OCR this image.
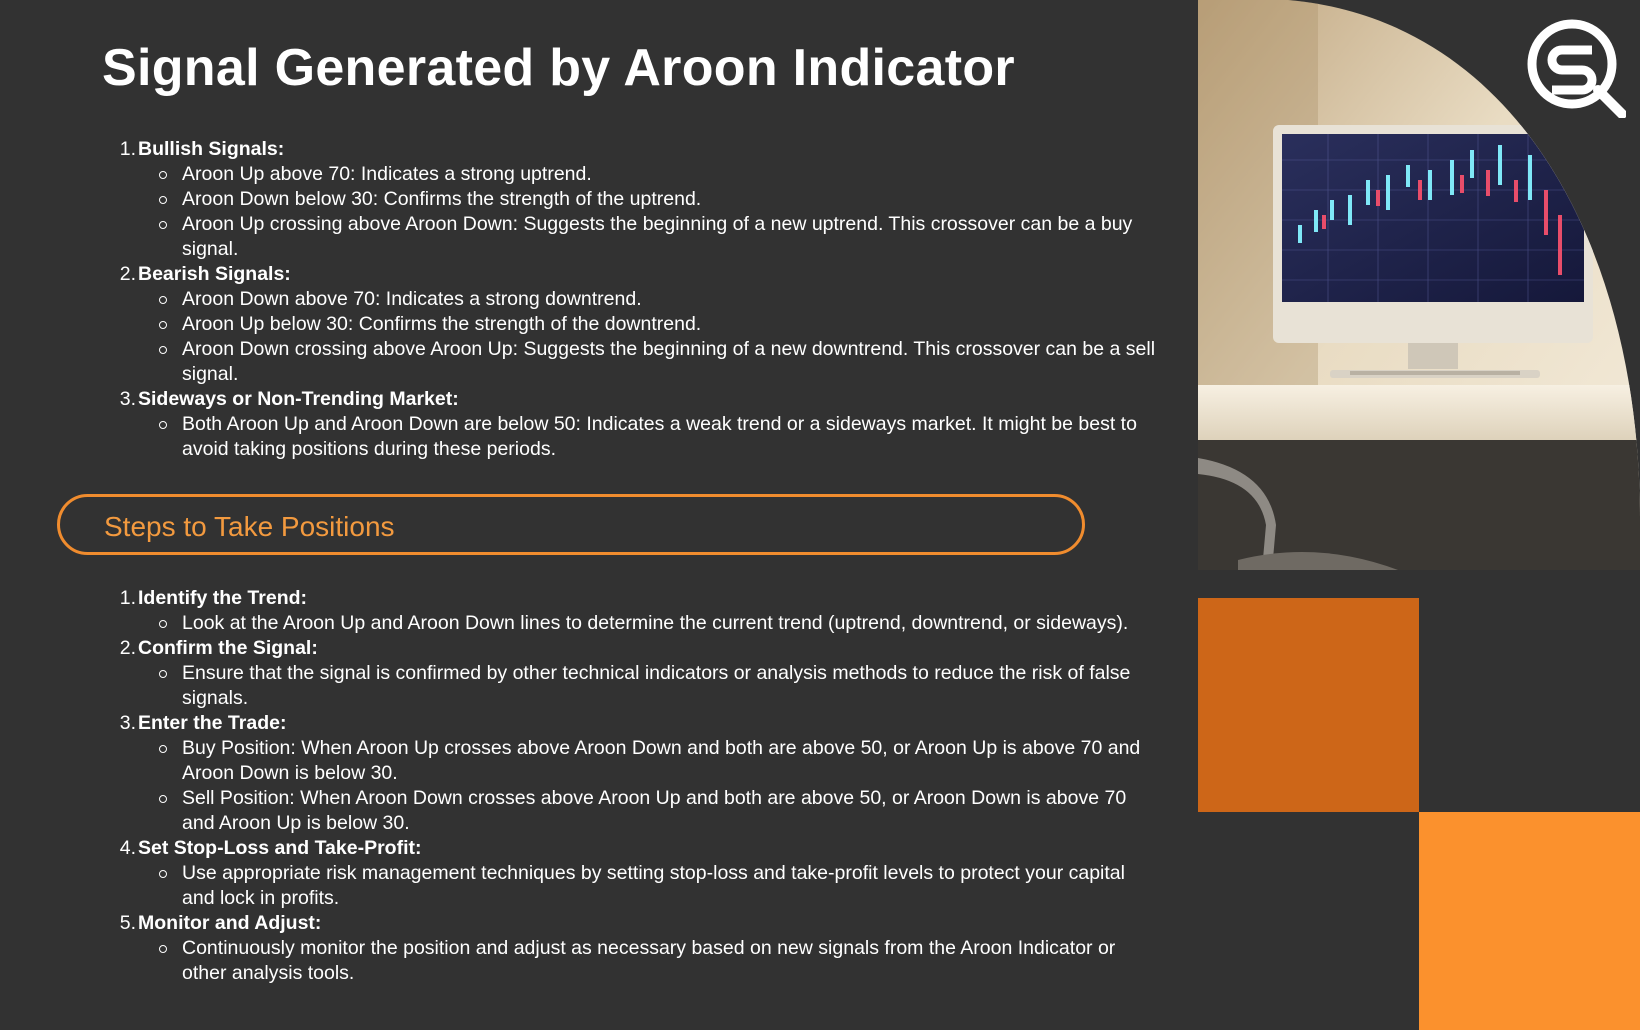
Signal Generated by Aroon Indicator
1. Bullish Signals:
Aroon Up above 70: Indicates a strong uptrend.
Aroon Down below 30: Confirms the strength of the uptrend.
Aroon Up crossing above Aroon Down: Suggests the beginning of a new uptrend. This crossover can be a buy signal.
2. Bearish Signals:
Aroon Down above 70: Indicates a strong downtrend.
Aroon Up below 30: Confirms the strength of the downtrend.
Aroon Down crossing above Aroon Up: Suggests the beginning of a new downtrend. This crossover can be a sell signal.
3. Sideways or Non-Trending Market:
Both Aroon Up and Aroon Down are below 50: Indicates a weak trend or a sideways market. It might be best to avoid taking positions during these periods.
Steps to Take Positions
1. Identify the Trend:
Look at the Aroon Up and Aroon Down lines to determine the current trend (uptrend, downtrend, or sideways).
2. Confirm the Signal:
Ensure that the signal is confirmed by other technical indicators or analysis methods to reduce the risk of false signals.
3. Enter the Trade:
Buy Position: When Aroon Up crosses above Aroon Down and both are above 50, or Aroon Up is above 70 and Aroon Down is below 30.
Sell Position: When Aroon Down crosses above Aroon Up and both are above 50, or Aroon Down is above 70 and Aroon Up is below 30.
4. Set Stop-Loss and Take-Profit:
Use appropriate risk management techniques by setting stop-loss and take-profit levels to protect your capital and lock in profits.
5. Monitor and Adjust:
Continuously monitor the position and adjust as necessary based on new signals from the Aroon Indicator or other analysis tools.
